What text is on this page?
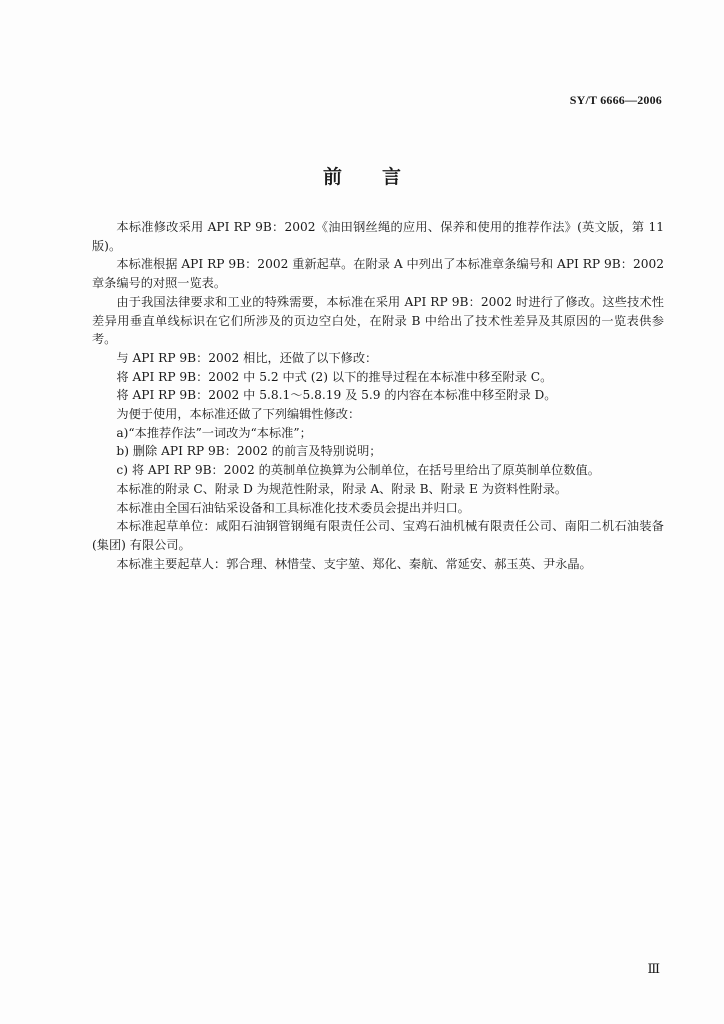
SY/T 6666—2006
前 言

本标准修改采用 API RP 9B：2002《油田钢丝绳的应用、保养和使用的推荐作法》(英文版，第 11 版)。

本标准根据 API RP 9B：2002 重新起草。在附录 A 中列出了本标准章条编号和 API RP 9B：2002 章条编号的对照一览表。

由于我国法律要求和工业的特殊需要，本标准在采用 API RP 9B：2002 时进行了修改。这些技术性差异用垂直单线标识在它们所涉及的页边空白处，在附录 B 中给出了技术性差异及其原因的一览表供参考。

与 API RP 9B：2002 相比，还做了以下修改：

将 API RP 9B：2002 中 5.2 中式 (2) 以下的推导过程在本标准中移至附录 C。

将 API RP 9B：2002 中 5.8.1～5.8.19 及 5.9 的内容在本标准中移至附录 D。

为便于使用，本标准还做了下列编辑性修改：

a)“本推荐作法”一词改为“本标准”；

b) 删除 API RP 9B：2002 的前言及特别说明；

c) 将 API RP 9B：2002 的英制单位换算为公制单位，在括号里给出了原英制单位数值。

本标准的附录 C、附录 D 为规范性附录，附录 A、附录 B、附录 E 为资料性附录。

本标准由全国石油钻采设备和工具标准化技术委员会提出并归口。

本标准起草单位：咸阳石油钢管钢绳有限责任公司、宝鸡石油机械有限责任公司、南阳二机石油装备 (集团) 有限公司。

本标准主要起草人：郭合理、林惜莹、支宇堃、郑化、秦航、常延安、郝玉英、尹永晶。

Ⅲ
